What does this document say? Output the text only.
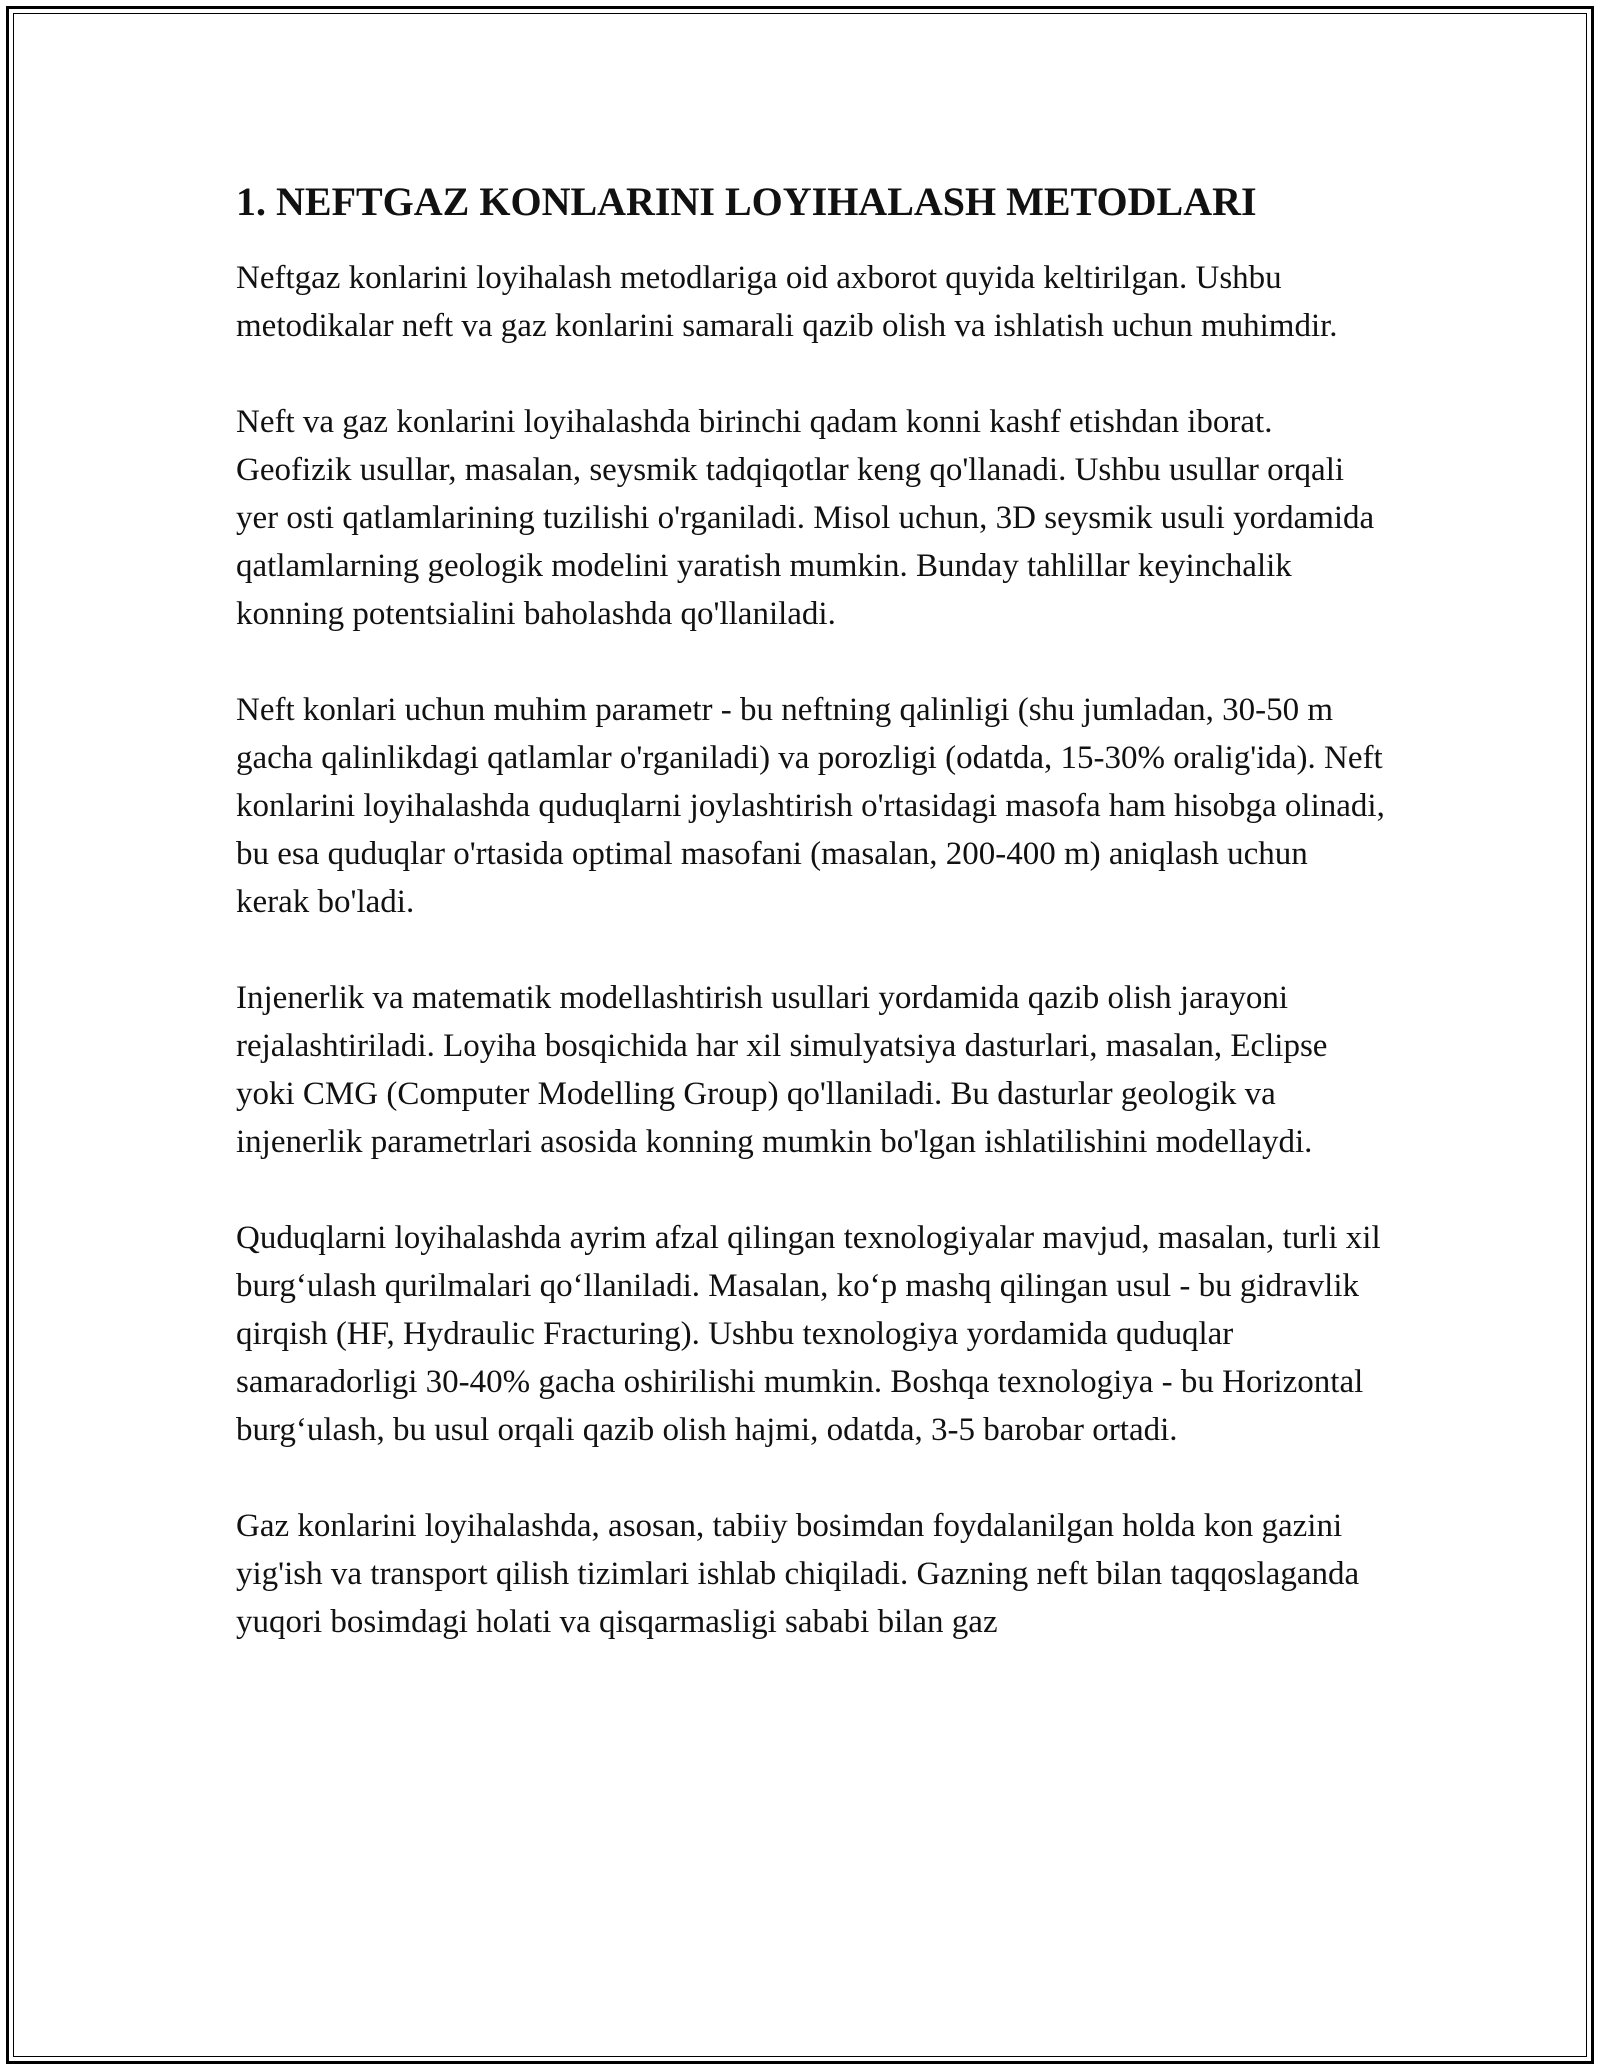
1. NEFTGAZ KONLARINI LOYIHALASH METODLARI

Neftgaz konlarini loyihalash metodlariga oid axborot quyida keltirilgan. Ushbu metodikalar neft va gaz konlarini samarali qazib olish va ishlatish uchun muhimdir.

Neft va gaz konlarini loyihalashda birinchi qadam konni kashf etishdan iborat. Geofizik usullar, masalan, seysmik tadqiqotlar keng qo'llanadi. Ushbu usullar orqali yer osti qatlamlarining tuzilishi o'rganiladi. Misol uchun, 3D seysmik usuli yordamida qatlamlarning geologik modelini yaratish mumkin. Bunday tahlillar keyinchalik konning potentsialini baholashda qo'llaniladi.

Neft konlari uchun muhim parametr - bu neftning qalinligi (shu jumladan, 30-50 m gacha qalinlikdagi qatlamlar o'rganiladi) va porozligi (odatda, 15-30% oralig'ida). Neft konlarini loyihalashda quduqlarni joylashtirish o'rtasidagi masofa ham hisobga olinadi, bu esa quduqlar o'rtasida optimal masofani (masalan, 200-400 m) aniqlash uchun kerak bo'ladi.

Injenerlik va matematik modellashtirish usullari yordamida qazib olish jarayoni rejalashtiriladi. Loyiha bosqichida har xil simulyatsiya dasturlari, masalan, Eclipse yoki CMG (Computer Modelling Group) qo'llaniladi. Bu dasturlar geologik va injenerlik parametrlari asosida konning mumkin bo'lgan ishlatilishini modellaydi.

Quduqlarni loyihalashda ayrim afzal qilingan texnologiyalar mavjud, masalan, turli xil burg‘ulash qurilmalari qo‘llaniladi. Masalan, ko‘p mashq qilingan usul - bu gidravlik qirqish (HF, Hydraulic Fracturing). Ushbu texnologiya yordamida quduqlar samaradorligi 30-40% gacha oshirilishi mumkin. Boshqa texnologiya - bu Horizontal burg‘ulash, bu usul orqali qazib olish hajmi, odatda, 3-5 barobar ortadi.

Gaz konlarini loyihalashda, asosan, tabiiy bosimdan foydalanilgan holda kon gazini yig'ish va transport qilish tizimlari ishlab chiqiladi. Gazning neft bilan taqqoslaganda yuqori bosimdagi holati va qisqarmasligi sababi bilan gaz
